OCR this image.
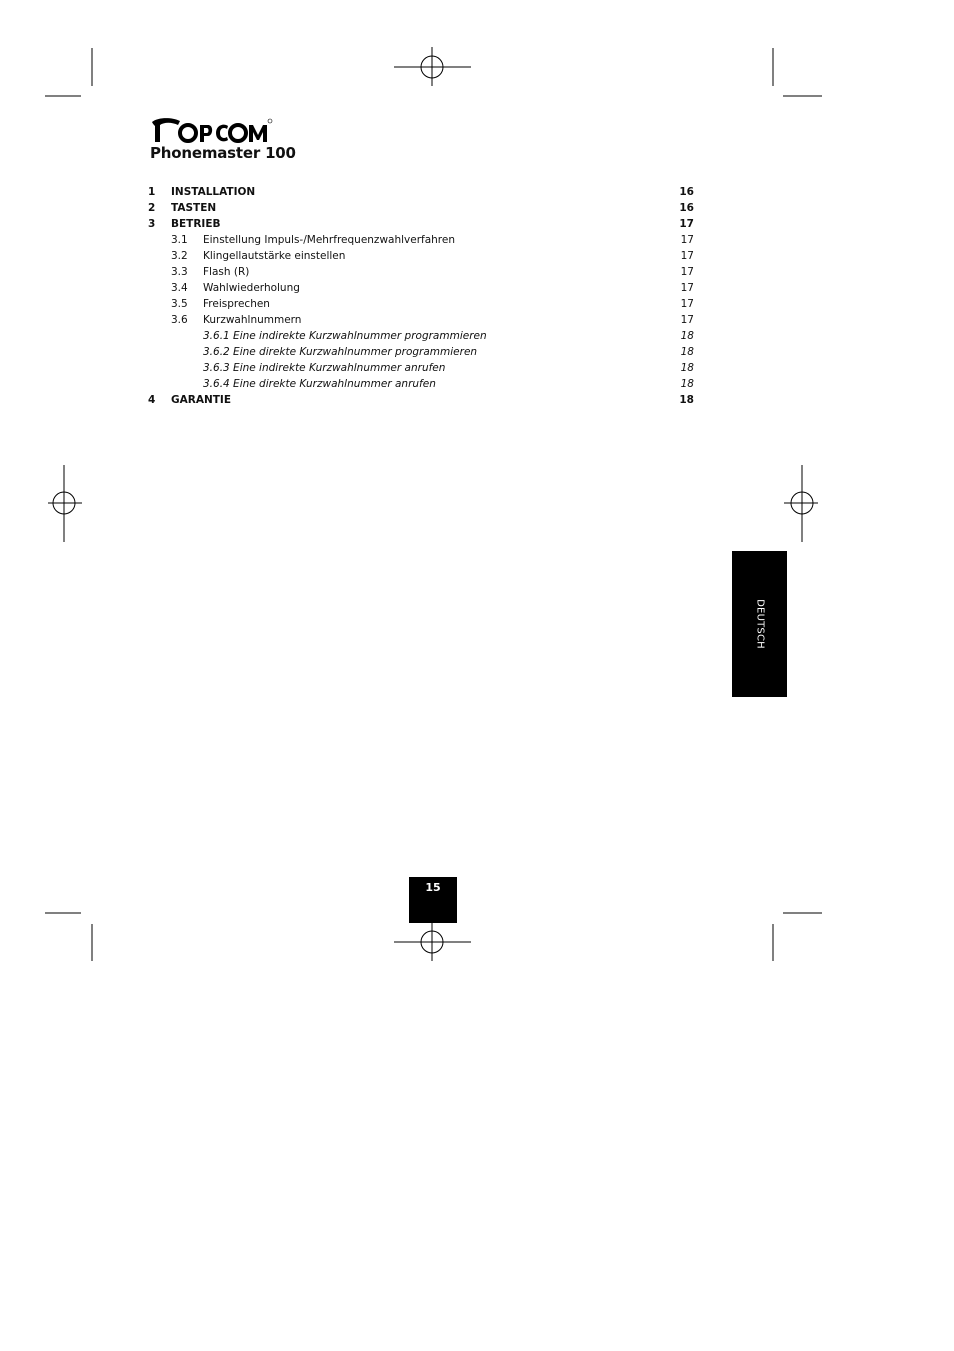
Phonemaster 100
1 INSTALLATION	16
2 TASTEN	16
3 BETRIEB	17
3.1 Einstellung Impuls-/Mehrfrequenzwahlverfahren	17
3.2 Klingellautstärke einstellen	17
3.3 Flash (R)	17
3.4 Wahlwiederholung	17
3.5 Freisprechen	17
3.6 Kurzwahlnummern	17
3.6.1 Eine indirekte Kurzwahlnummer programmieren	18
3.6.2 Eine direkte Kurzwahlnummer programmieren	18
3.6.3 Eine indirekte Kurzwahlnummer anrufen	18
3.6.4 Eine direkte Kurzwahlnummer anrufen	18
4 GARANTIE	18
DEUTSCH
15
